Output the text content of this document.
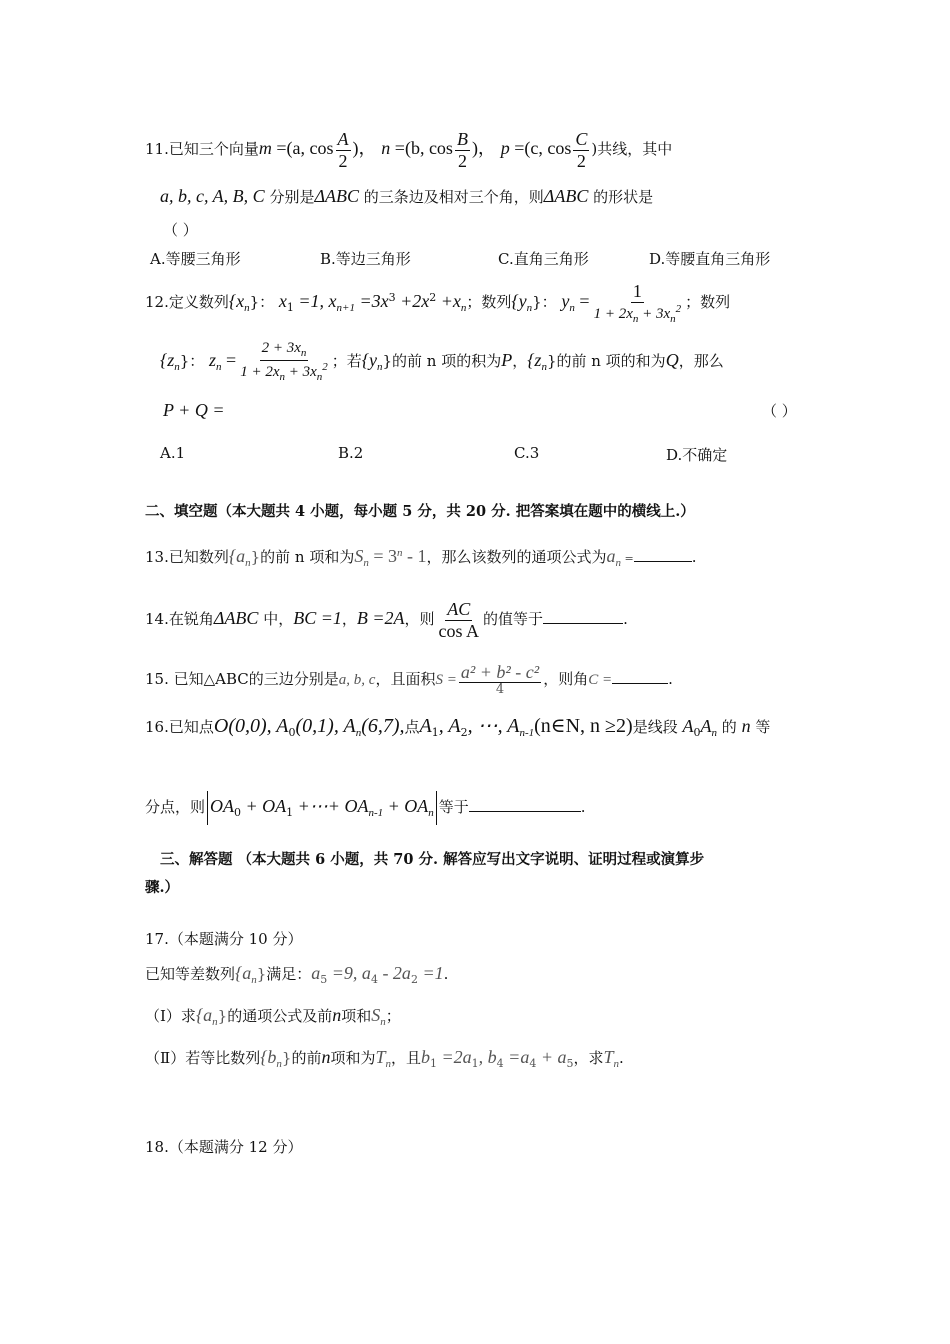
11.已知三个向量m =(a, $\cos \frac{A}{2}$ )， n =(b, $\cos \frac{B}{2}$ )， p =(c, $\cos \frac{C}{2}$ )共线，其中
a, b, c, A, B, C 分别是ΔABC 的三条边及相对三个角，则ΔABC 的形状是
（ ）
A.等腰三角形	B.等边三角形	C.直角三角形	D.等腰直角三角形
12.定义数列$\{x_n\}$： $x_1 =1$, $x_{n+1} =3x^3 +2x^2 +x_n$；数列$\{y_n\}$： $y_n = \frac{1}{1 + 2x_n + 3x_n^2}$ ；数列
$\{z_n\}$： $z_n = \frac{2 + 3x_n}{1 + 2x_n + 3x_n^2}$ ；若$\{y_n\}$的前 n 项的积为P，$\{z_n\}$的前 n 项的和为Q，那么
P + Q =	（ ）
A.1	B.2	C.3	D.不确定
二、填空题（本大题共 4 小题，每小题 5 分，共 20 分. 把答案填在题中的横线上.）
13.已知数列$\{a_n\}$的前 n 项和为$S_n = 3^n - 1$，那么该数列的通项公式为$a_n$ =	.
14.在锐角ΔABC 中，BC =1，B =2A，则 $\frac{AC}{\text{cos A}}$ 的值等于	.
15. 已知△ABC的三边分别是a, b, c，且面积$S = \frac{\text{a² + b² - c²}}{4}$ ，则角C =	.
16.已知点O(0,0), $A_0(0,1)$, $A_n(6,7)$,点$A_1$, $A_2$, ⋯, $A_{n-1}(n\in N$, n ≥2)是线段 $A_0A_n$ 的 n 等
分点，则 $OA_0 + OA_1$ +⋯+ $OA_{n-1} + OA_n$ 等于	.
三、解答题 （本大题共 6 小题，共 70 分. 解答应写出文字说明、证明过程或演算步
骤.）
17.（本题满分 10 分）
已知等差数列$\{a_n\}$满足：$a_5 =9$, $a_4 - 2a_2 =1$.
（Ⅰ）求$\{a_n\}$的通项公式及前n项和$S_n$；
（Ⅱ）若等比数列$\{b_n\}$的前n项和为$T_n$，且$b_1 =2a_1$, $b_4 =a_4 + a_5$，求$T_n$.
18.（本题满分 12 分）
